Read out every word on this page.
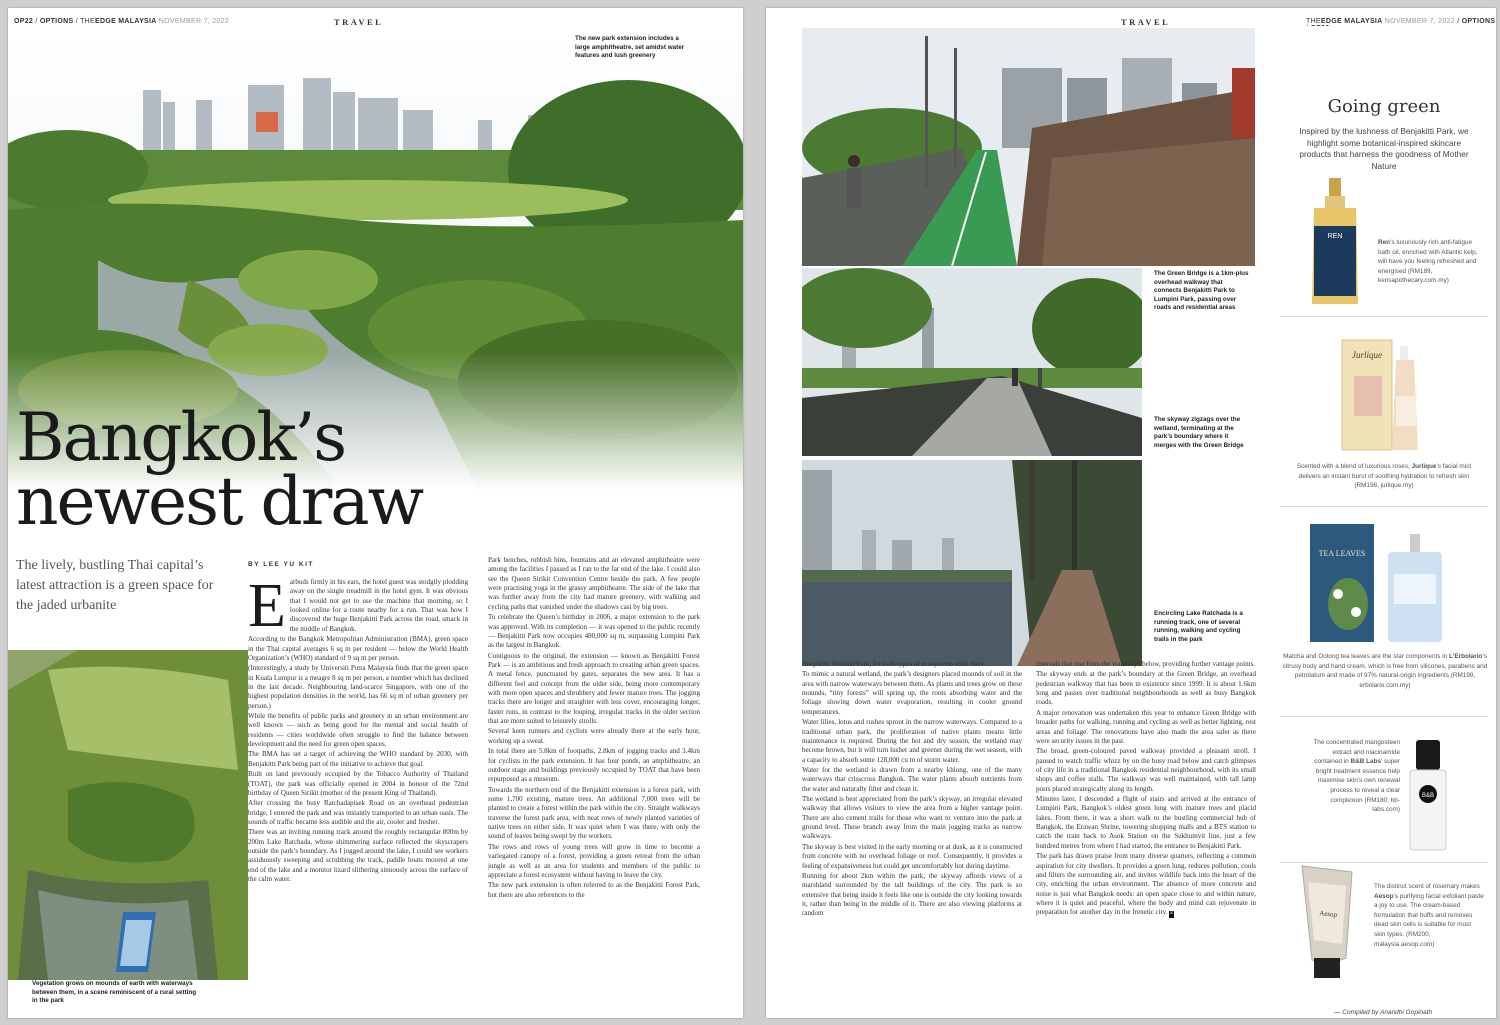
OP22 / OPTIONS / THEEDGE MALAYSIA NOVEMBER 7, 2022	TRAVEL
The new park extension includes a large amphitheatre, set amidst water features and lush greenery
Bangkok’s
newest draw
The lively, bustling Thai capital’s latest attraction is a green space for the jaded urbanite
BY LEE YU KIT
Vegetation grows on mounds of earth with waterways between them, in a scene reminiscent of a rural setting in the park

Earbuds firmly in his ears, the hotel guest was stodgily plodding away on the single treadmill in the hotel gym. It was obvious that I would not get to use the machine that morning, so I looked online for a route nearby for a run. That was how I discovered the huge Benjakitti Park across the road, smack in the middle of Bangkok.

According to the Bangkok Metropolitan Administration (BMA), green space in the Thai capital averages 6 sq m per resident — below the World Health Organization’s (WHO) standard of 9 sq m per person.

(Interestingly, a study by Universiti Putra Malaysia finds that the green space in Kuala Lumpur is a meagre 8 sq m per person, a number which has declined in the last decade. Neighbouring land-scarce Singapore, with one of the highest population densities in the world, has 66 sq m of urban greenery per person.)

While the benefits of public parks and greenery in an urban environment are well known — such as being good for the mental and social health of residents — cities worldwide often struggle to find the balance between development and the need for green open spaces.

The BMA has set a target of achieving the WHO standard by 2030, with Benjakitti Park being part of the initiative to achieve that goal.

Built on land previously occupied by the Tobacco Authority of Thailand (TOAT), the park was officially opened in 2004 in honour of the 72nd birthday of Queen Sirikit (mother of the present King of Thailand).

After crossing the busy Ratchadapisek Road on an overhead pedestrian bridge, I entered the park and was instantly transported to an urban oasis. The sounds of traffic became less audible and the air, cooler and fresher.

There was an inviting running track around the roughly rectangular 800m by 200m Lake Ratchada, whose shimmering surface reflected the skyscrapers outside the park’s boundary. As I jogged around the lake, I could see workers assiduously sweeping and scrubbing the track, paddle boats moored at one end of the lake and a monitor lizard slithering sinuously across the surface of the calm water.

Park benches, rubbish bins, fountains and an elevated amphitheatre were among the facilities I passed as I ran to the far end of the lake. I could also see the Queen Sirikit Convention Centre beside the park. A few people were practising yoga in the grassy amphitheatre. The side of the lake that was further away from the city had mature greenery, with walking and cycling paths that vanished under the shadows cast by big trees.

To celebrate the Queen’s birthday in 2006, a major extension to the park was approved. With its completion — it was opened to the public recently — Benjakitti Park now occupies 480,000 sq m, surpassing Lumpini Park as the largest in Bangkok.

Contiguous to the original, the extension — known as Benjakitti Forest Park — is an ambitious and fresh approach to creating urban green spaces. A metal fence, punctuated by gates, separates the new area. It has a different feel and concept from the older side, being more contemporary with more open spaces and shrubbery and fewer mature trees. The jogging tracks there are longer and straighter with less cover, encouraging longer, faster runs, in contrast to the looping, irregular tracks in the older section that are more suited to leisurely strolls.

Several keen runners and cyclists were already there at the early hour, working up a sweat.

In total there are 5.8km of footpaths, 2.8km of jogging tracks and 3.4km for cyclists in the park extension. It has four ponds, an amphitheatre, an outdoor stage and buildings previously occupied by TOAT that have been repurposed as a museum.

Towards the northern end of the Benjakitti extension is a forest park, with some 1,700 existing, mature trees. An additional 7,000 trees will be planted to create a forest within the park within the city. Straight walkways traverse the forest park area, with neat rows of newly planted varieties of native trees on either side. It was quiet when I was there, with only the sound of leaves being swept by the workers.

The rows and rows of young trees will grow in time to become a variegated canopy of a forest, providing a green retreat from the urban jungle as well as an area for students and members of the public to appreciate a forest ecosystem without having to leave the city.

The new park extension is often referred to as the Benjakitti Forest Park, but there are also references to the

TRAVEL	THEEDGE MALAYSIA NOVEMBER 7, 2022 / OPTIONS
The Green Bridge is a 1km-plus overhead walkway that connects Benjakitti Park to Lumpini Park, passing over roads and residential areas
The skyway zigzags over the wetland, terminating at the park’s boundary where it merges with the Green Bridge
Encircling Lake Ratchada is a running track, one of several running, walking and cycling trails in the park

Benjakitti Wetland Park, for both types of ecosystems exist there.

To mimic a natural wetland, the park’s designers placed mounds of soil in the area with narrow waterways between them. As plants and trees grow on these mounds, “tiny forests” will spring up, the roots absorbing water and the foliage slowing down water evaporation, resulting in cooler ground temperatures.

Water lilies, lotus and rushes sprout in the narrow waterways. Compared to a traditional urban park, the proliferation of native plants means little maintenance is required. During the hot and dry season, the wetland may become brown, but it will turn lusher and greener during the wet season, with a capacity to absorb some 128,000 cu m of storm water.

Water for the wetland is drawn from a nearby khlong, one of the many waterways that crisscross Bangkok. The water plants absorb nutrients from the water and naturally filter and clean it.

The wetland is best appreciated from the park’s skyway, an irregular elevated walkway that allows visitors to view the area from a higher vantage point. There are also cement trails for those who want to venture into the park at ground level. These branch away from the main jogging tracks as narrow walkways.

The skyway is best visited in the early morning or at dusk, as it is constructed from concrete with no overhead foliage or roof. Consequently, it provides a feeling of expansiveness but could get uncomfortably hot during daytime.

Running for about 2km within the park, the skyway affords views of a marshland surrounded by the tall buildings of the city. The park is so extensive that being inside it feels like one is outside the city looking towards it, rather than being in the middle of it. There are also viewing platforms at random

intervals that rise from the walkways below, providing further vantage points.

The skyway ends at the park’s boundary at the Green Bridge, an overhead pedestrian walkway that has been in existence since 1999. It is about 1.6km long and passes over traditional neighbourhoods as well as busy Bangkok roads.

A major renovation was undertaken this year to enhance Green Bridge with broader paths for walking, running and cycling as well as better lighting, rest areas and foliage. The renovations have also made the area safer as there were security issues in the past.

The broad, green-coloured paved walkway provided a pleasant stroll. I paused to watch traffic whizz by on the busy road below and catch glimpses of city life in a traditional Bangkok residential neighbourhood, with its small shops and coffee stalls. The walkway was well maintained, with tall lamp posts placed strategically along its length.

Minutes later, I descended a flight of stairs and arrived at the entrance of Lumpini Park, Bangkok’s oldest green lung with mature trees and placid lakes. From there, it was a short walk to the bustling commercial hub of Bangkok, the Erawan Shrine, towering shopping malls and a BTS station to catch the train back to Asok Station on the Sukhumvit line, just a few hundred metres from where I had started, the entrance to Benjakitti Park.

The park has drawn praise from many diverse quarters, reflecting a common aspiration for city dwellers. It provides a green lung, reduces pollution, cools and filters the surrounding air, and invites wildlife back into the heart of the city, enriching the urban environment. The absence of more concrete and noise is just what Bangkok needs: an open space close to and within nature, where it is quiet and peaceful, where the body and mind can rejuvenate in preparation for another day in the frenetic city. E

Going green
Inspired by the lushness of Benjakitti Park, we highlight some botanical-inspired skincare products that harness the goodness of Mother Nature
REN
Ren’s luxuriously rich anti-fatigue bath oil, enriched with Atlantic kelp, will have you feeling refreshed and energised (RM189, kensapothecary.com.my)
Jurlique
Scented with a blend of luxurious roses, Jurlique’s facial mist delivers an instant burst of soothing hydration to refresh skin (RM198, jurlique.my)
TEA LEAVES
Matcha and Oolong tea leaves are the star components in L’Erbolario’s citrusy body and hand cream, which is free from silicones, parabens and petrolatum and made of 97% natural-origin ingredients (RM199, erbolario.com.my)
The concentrated mangosteen extract and niacinamide contained in B&B Labs’ super bright treatment essence help maximise skin’s own renewal process to reveal a clear complexion (RM180, bb-labs.com)
B&B
Aesop
The distinct scent of rosemary makes Aesop’s purifying facial exfoliant paste a joy to use. The cream-based formulation that buffs and removes dead skin cells is suitable for most skin types. (RM200, malaysia.aesop.com)
— Compiled by Anandhi Gopinath
